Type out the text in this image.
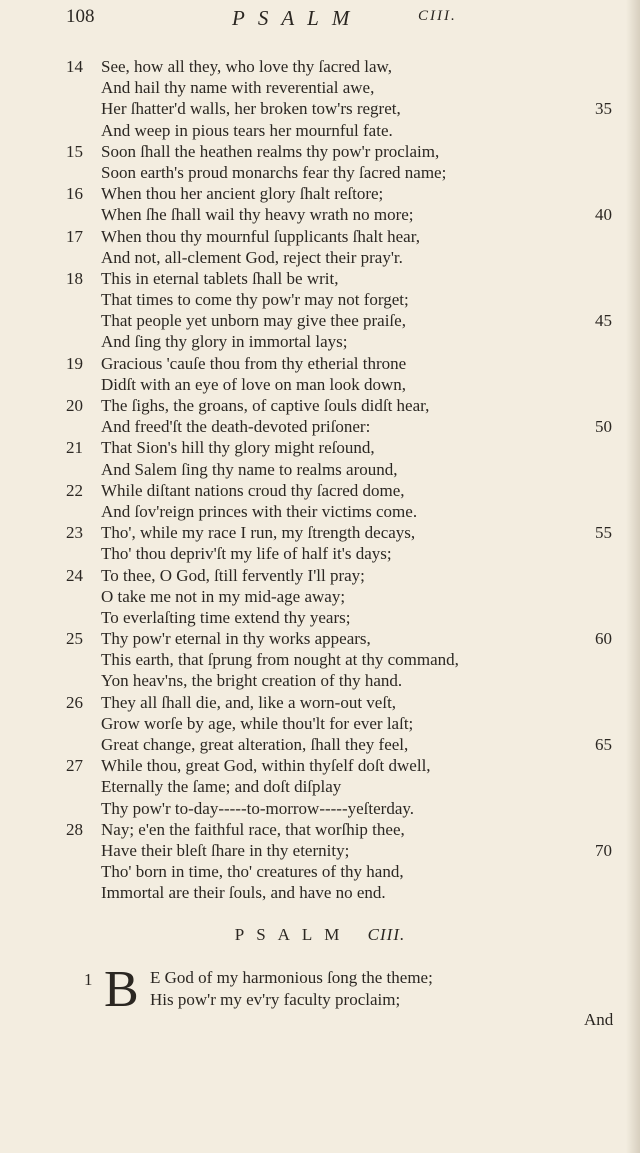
108	PSALM	CIII.
14	See, how all they, who love thy ſacred law,
And hail thy name with reverential awe,
Her ſhatter'd walls, her broken tow'rs regret,	35
And weep in pious tears her mournful fate.
15	Soon ſhall the heathen realms thy pow'r proclaim,
Soon earth's proud monarchs fear thy ſacred name;
16	When thou her ancient glory ſhalt reſtore;
When ſhe ſhall wail thy heavy wrath no more;	40
17	When thou thy mournful ſupplicants ſhalt hear,
And not, all-clement God, reject their pray'r.
18	This in eternal tablets ſhall be writ,
That times to come thy pow'r may not forget;
That people yet unborn may give thee praiſe,	45
And ſing thy glory in immortal lays;
19	Gracious 'cauſe thou from thy etherial throne
Didſt with an eye of love on man look down,
20	The ſighs, the groans, of captive ſouls didſt hear,
And freed'ſt the death-devoted priſoner:	50
21	That Sion's hill thy glory might reſound,
And Salem ſing thy name to realms around,
22	While diſtant nations croud thy ſacred dome,
And ſov'reign princes with their victims come.
23	Tho', while my race I run, my ſtrength decays,	55
Tho' thou depriv'ſt my life of half it's days;
24	To thee, O God, ſtill fervently I'll pray;
O take me not in my mid-age away;
To everlaſting time extend thy years;
25	Thy pow'r eternal in thy works appears,	60
This earth, that ſprung from nought at thy command,
Yon heav'ns, the bright creation of thy hand.
26	They all ſhall die, and, like a worn-out veſt,
Grow worſe by age, while thou'lt for ever laſt;
Great change, great alteration, ſhall they feel,	65
27	While thou, great God, within thyſelf doſt dwell,
Eternally the ſame; and doſt diſplay
Thy pow'r to-day-----to-morrow-----yeſterday.
28	Nay; e'en the faithful race, that worſhip thee,
Have their bleſt ſhare in thy eternity;	70
Tho' born in time, tho' creatures of thy hand,
Immortal are their ſouls, and have no end.
PSALM CIII.
1 B E God of my harmonious ſong the theme;
His pow'r my ev'ry faculty proclaim;
And
